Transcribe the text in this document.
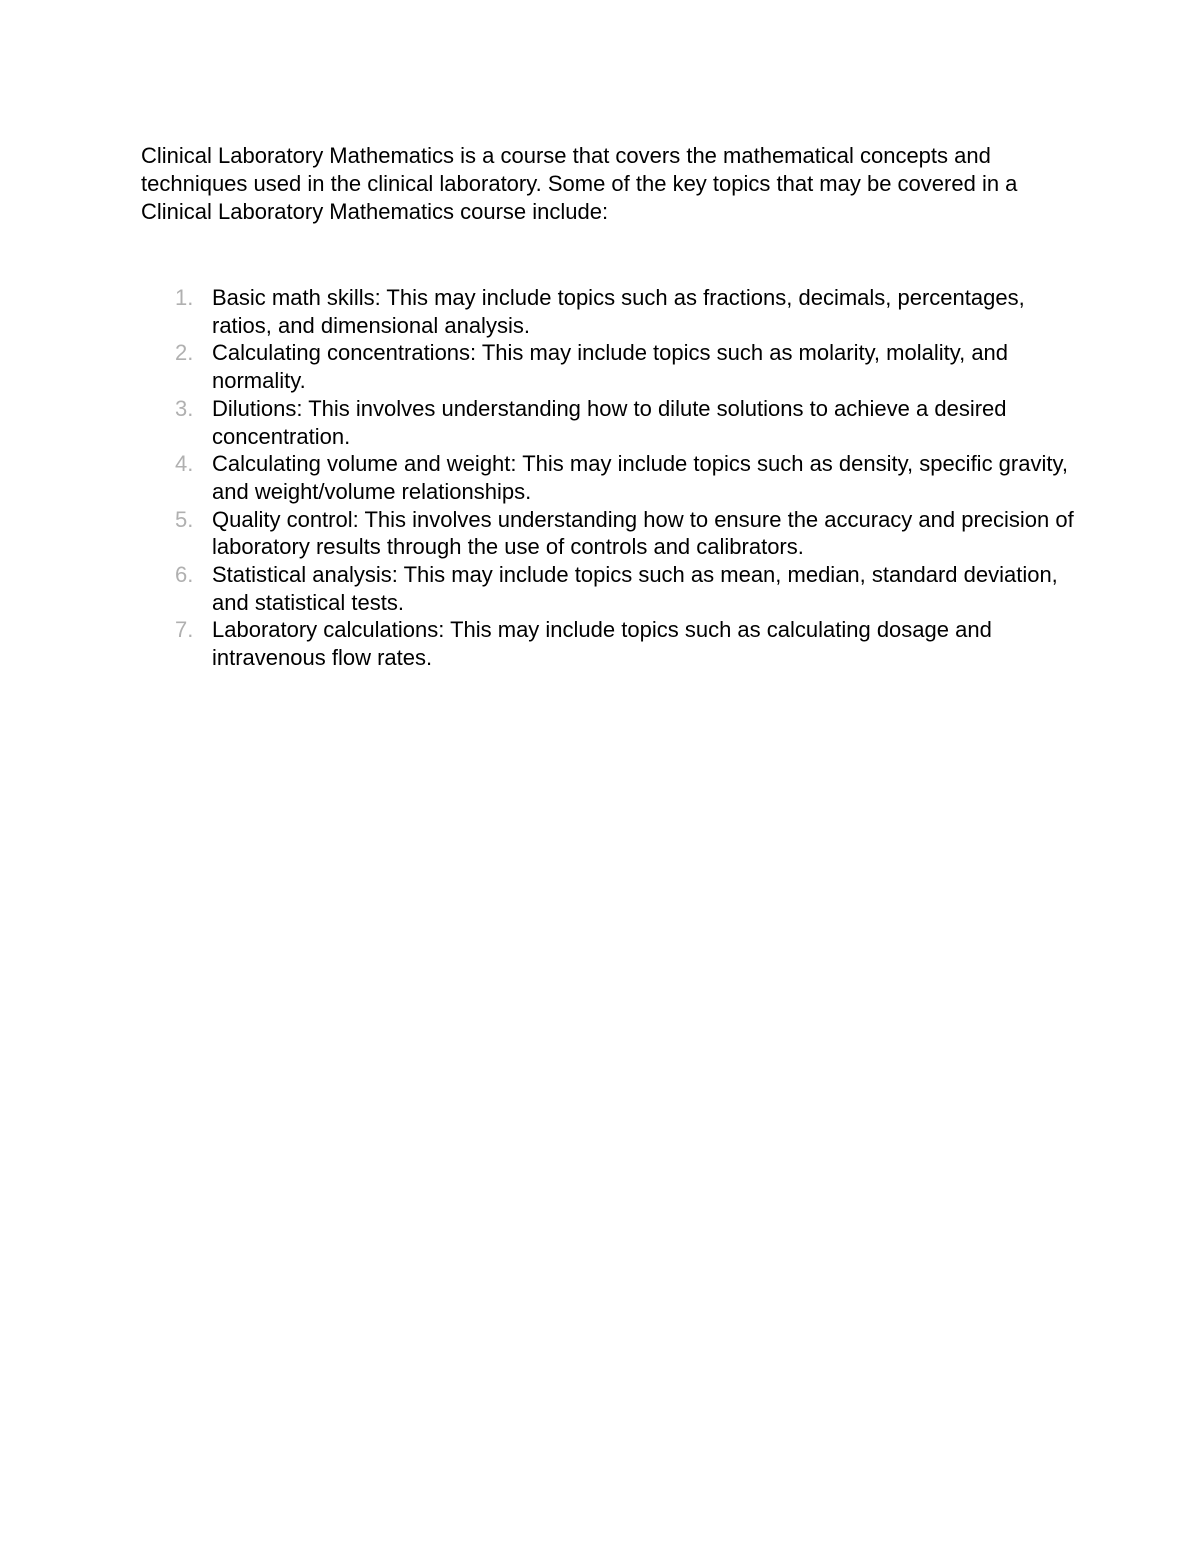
Clinical Laboratory Mathematics is a course that covers the mathematical concepts and techniques used in the clinical laboratory. Some of the key topics that may be covered in a Clinical Laboratory Mathematics course include:

1. Basic math skills: This may include topics such as fractions, decimals, percentages, ratios, and dimensional analysis.
2. Calculating concentrations: This may include topics such as molarity, molality, and normality.
3. Dilutions: This involves understanding how to dilute solutions to achieve a desired concentration.
4. Calculating volume and weight: This may include topics such as density, specific gravity, and weight/volume relationships.
5. Quality control: This involves understanding how to ensure the accuracy and precision of laboratory results through the use of controls and calibrators.
6. Statistical analysis: This may include topics such as mean, median, standard deviation, and statistical tests.
7. Laboratory calculations: This may include topics such as calculating dosage and intravenous flow rates.
